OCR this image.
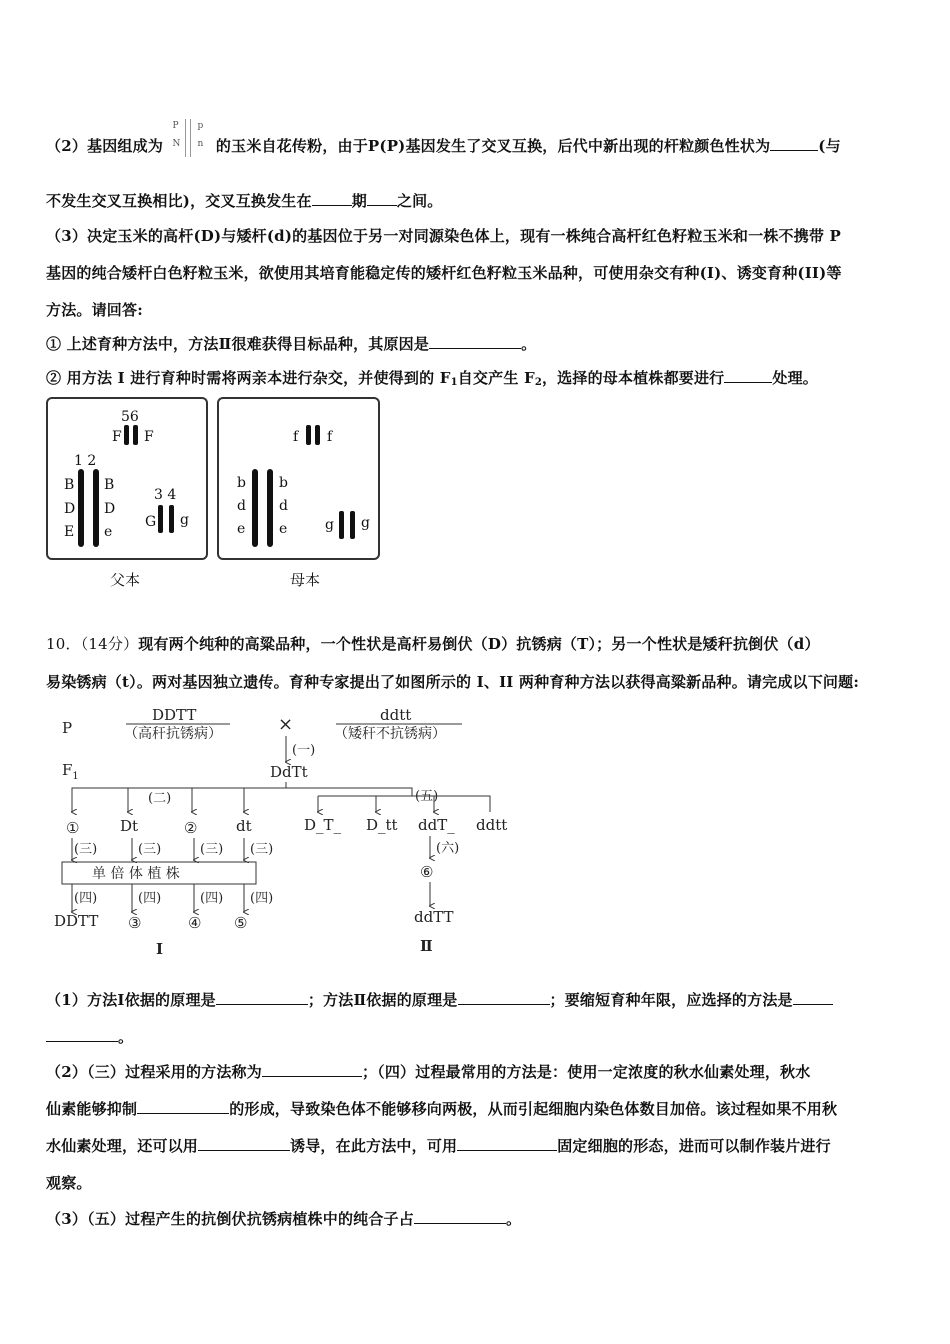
（2）基因组成为
P
N
p
n 的玉米自花传粉，由于P(P)基因发生了交叉互换，后代中新出现的杆粒颜色性状为	(与
不发生交叉互换相比)，交叉互换发生在	期 之间。
（3）决定玉米的高杆(D)与矮杆(d)的基因位于另一对同源染色体上，现有一株纯合高杆红色籽粒玉米和一株不携带 P
基因的纯合矮杆白色籽粒玉米，欲使用其培育能稳定传的矮杆红色籽粒玉米品种，可使用杂交有种(I)、诱变育种(II)等
方法。请回答:
① 上述育种方法中，方法Ⅱ很难获得目标品种，其原因是	。
② 用方法 I 进行育种时需将两亲本进行杂交，并使得到的 $F_1$自交产生 $F_2$，选择的母本植株都要进行	处理。
56
F F
1 2
B
D
E
B
D
e
3 4
G g
父本
f f
b
d
e
b
d
e	g g
母本
10．（14分）现有两个纯种的高粱品种，一个性状是高杆易倒伏（D）抗锈病（T）；另一个性状是矮秆抗倒伏（d）
易染锈病（t）。两对基因独立遗传。育种专家提出了如图所示的 I、II 两种育种方法以获得高粱新品种。请完成以下问题:
P
$F_1$
DDTT
（高秆抗锈病）	×	ddtt
（矮秆不抗锈病）
(一)
DdTt
(二)	(五)
①	Dt	②	dt	D_T_ D_tt ddT_ ddtt
(三)	(三)	(三) (三)
单 倍 体 植 株
(四)	(四)	(四) (四)
DDTT ③	④ ⑤
(六)
⑥
ddTT
I	Ⅱ
（1）方法Ⅰ依据的原理是	；方法Ⅱ依据的原理是	；要缩短育种年限，应选择的方法是
。
（2）（三）过程采用的方法称为	；（四）过程最常用的方法是：使用一定浓度的秋水仙素处理，秋水
仙素能够抑制	的形成，导致染色体不能够移向两极，从而引起细胞内染色体数目加倍。该过程如果不用秋
水仙素处理，还可以用	诱导，在此方法中，可用	固定细胞的形态，进而可以制作装片进行
观察。
（3）（五）过程产生的抗倒伏抗锈病植株中的纯合子占	。
